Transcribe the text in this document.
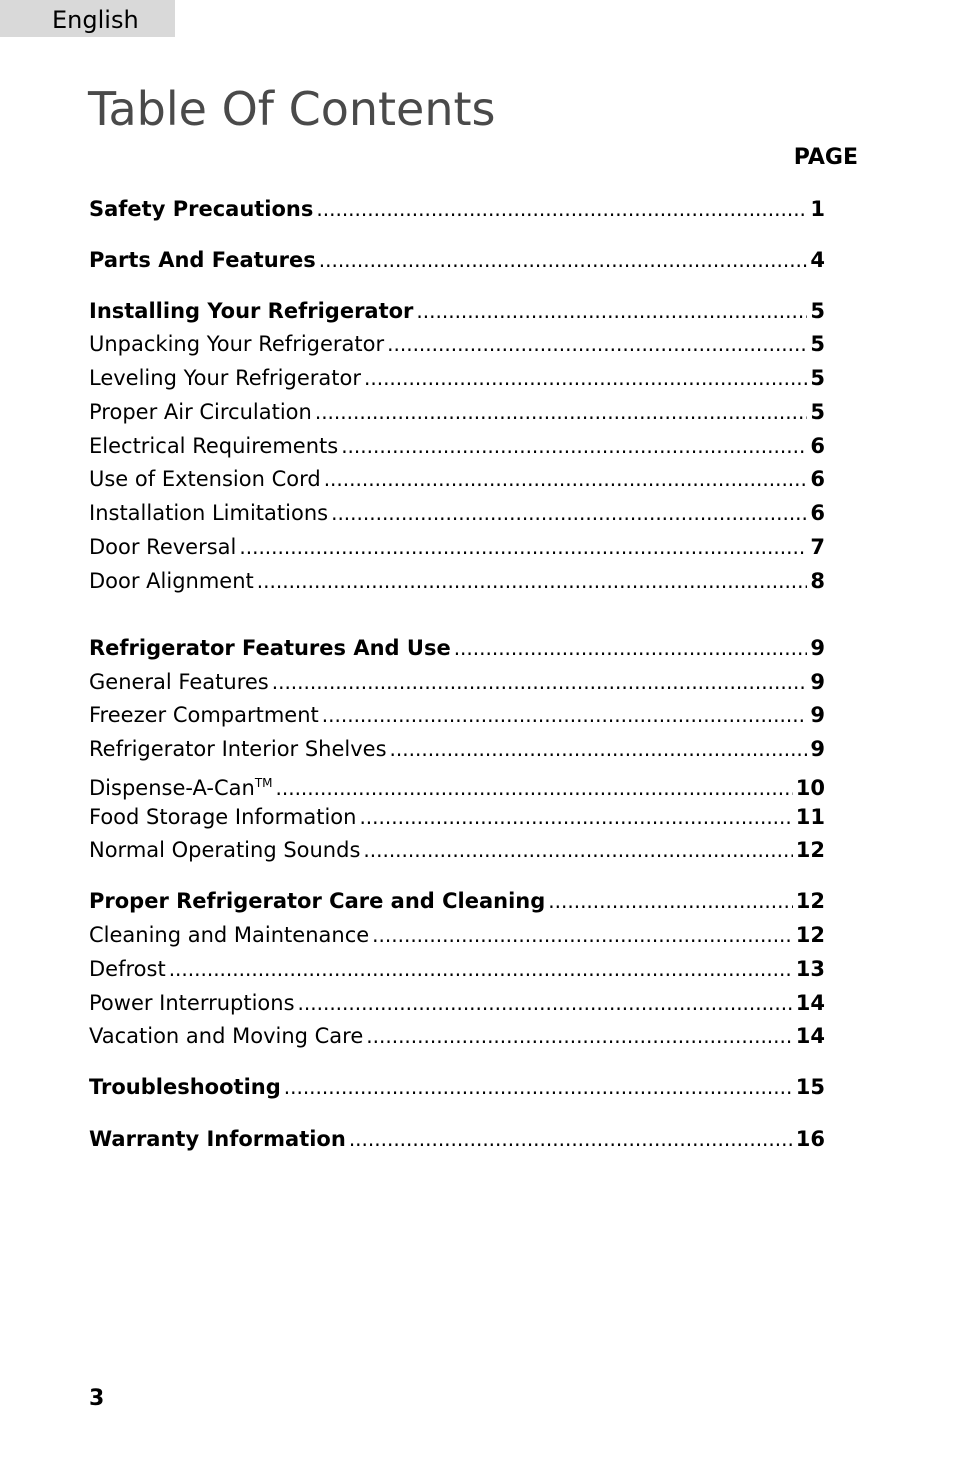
English
Table Of Contents
PAGE
Safety Precautions .....	1
Parts And Features .....	4
Installing Your Refrigerator .....	5
Unpacking Your Refrigerator .....	5
Leveling Your Refrigerator .....	5
Proper Air Circulation .....	5
Electrical Requirements .....	6
Use of Extension Cord .....	6
Installation Limitations .....	6
Door Reversal .....	7
Door Alignment .....	8
Refrigerator Features And Use .....	9
General Features .....	9
Freezer Compartment .....	9
Refrigerator Interior Shelves .....	9
Dispense-A-Can™ .....	10
Food Storage Information .....	11
Normal Operating Sounds .....	12
Proper Refrigerator Care and Cleaning .....	12
Cleaning and Maintenance .....	12
Defrost .....	13
Power Interruptions .....	14
Vacation and Moving Care .....	14
Troubleshooting .....	15
Warranty Information .....	16
3
